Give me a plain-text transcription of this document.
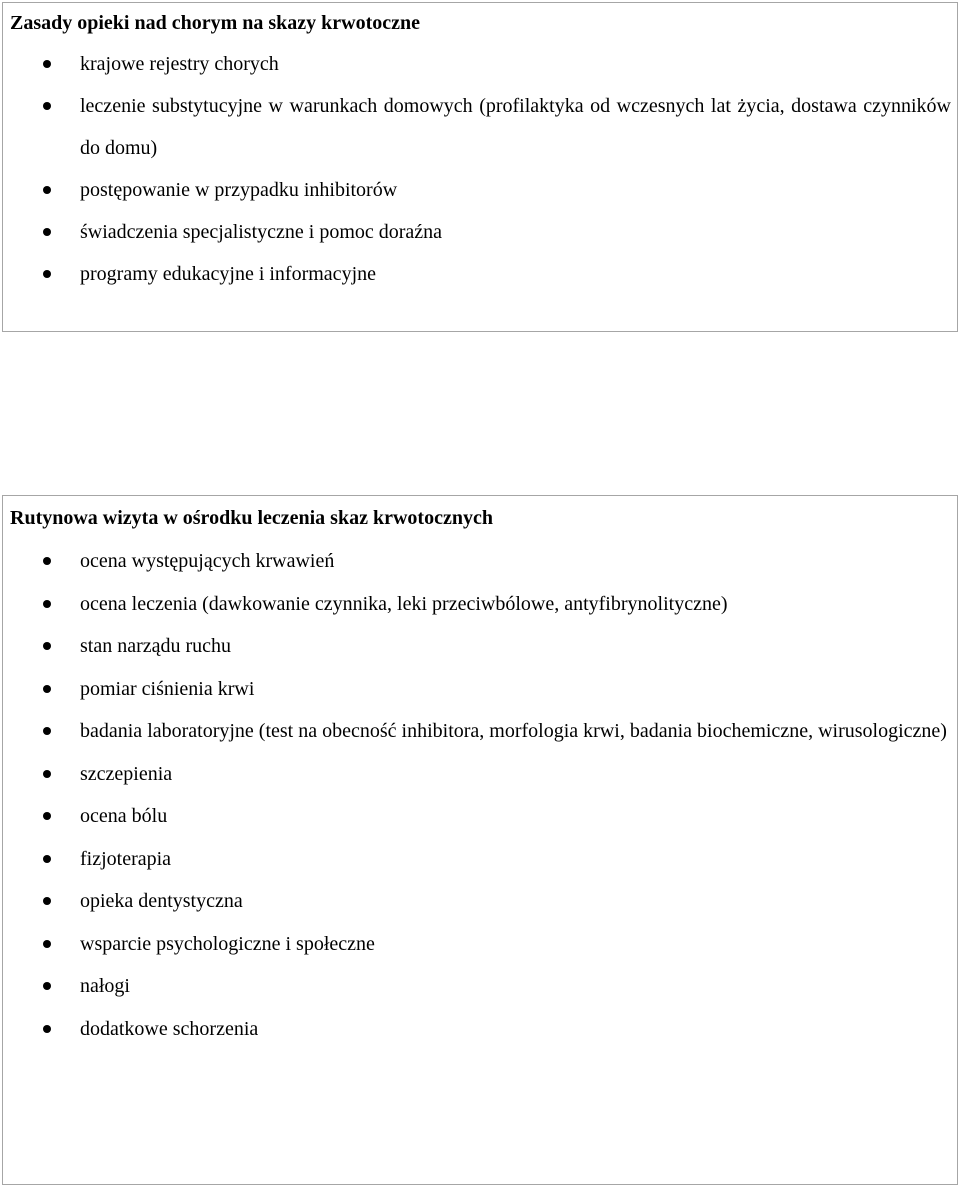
Zasady opieki nad chorym na skazy krwotoczne
krajowe rejestry chorych
leczenie substytucyjne w warunkach domowych (profilaktyka od wczesnych lat życia, dostawa czynników do domu)
postępowanie w przypadku inhibitorów
świadczenia specjalistyczne i pomoc doraźna
programy edukacyjne i informacyjne
Rutynowa wizyta w ośrodku leczenia skaz krwotocznych
ocena występujących krwawień
ocena leczenia (dawkowanie czynnika, leki przeciwbólowe, antyfibrynolityczne)
stan narządu ruchu
pomiar ciśnienia krwi
badania laboratoryjne (test na obecność inhibitora, morfologia krwi, badania biochemiczne, wirusologiczne)
szczepienia
ocena bólu
fizjoterapia
opieka dentystyczna
wsparcie psychologiczne i społeczne
nałogi
dodatkowe schorzenia
